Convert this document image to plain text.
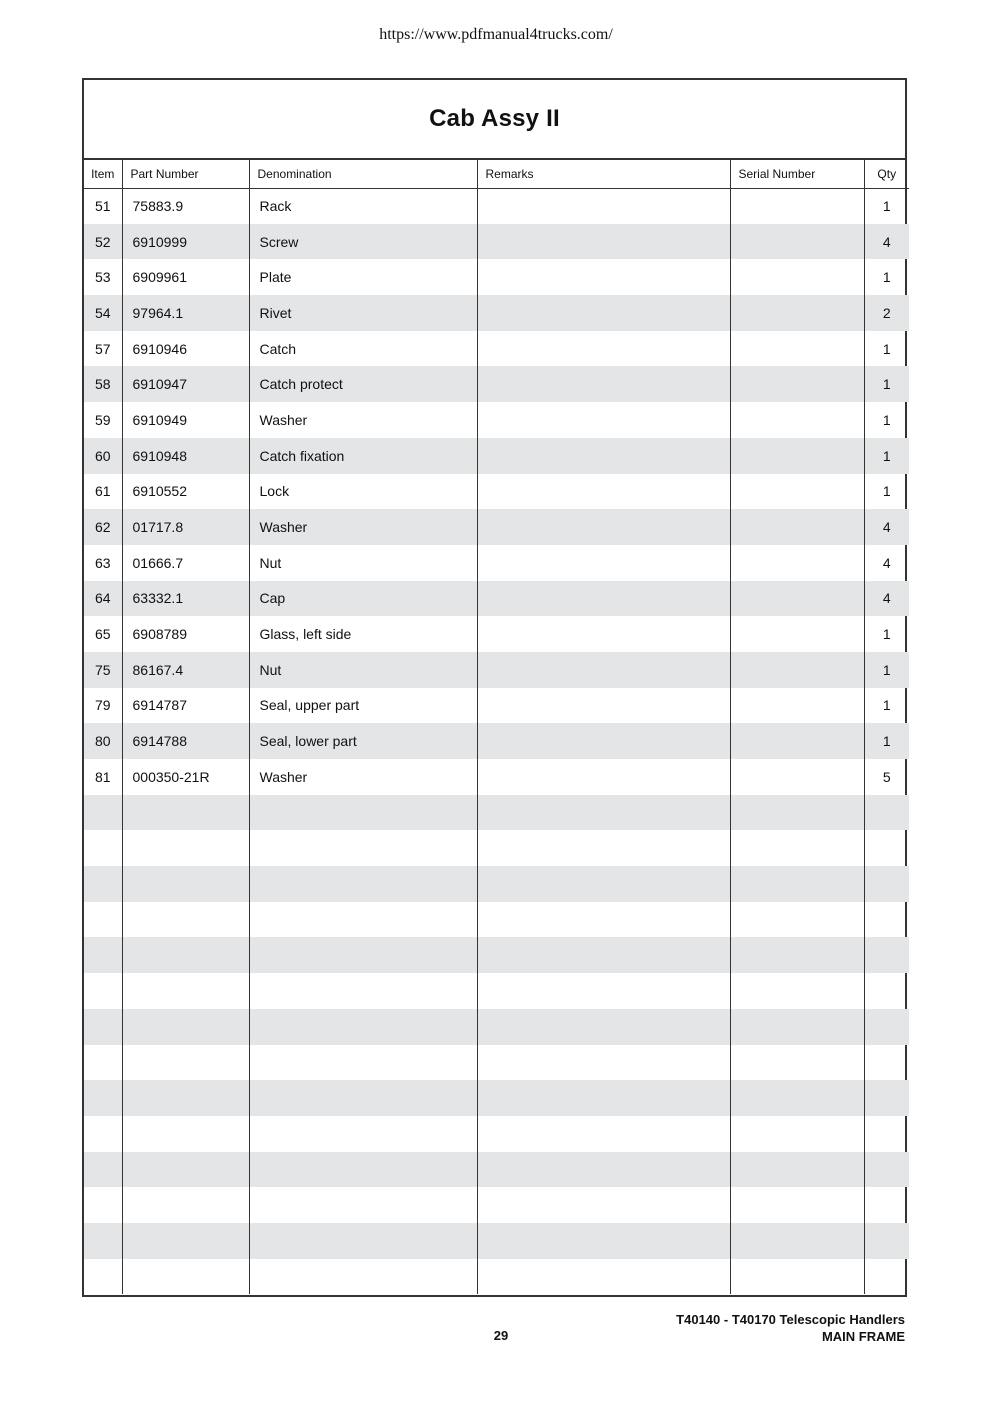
https://www.pdfmanual4trucks.com/
Cab Assy II
Item	Part Number	Denomination	Remarks	Serial Number	Qty
51	75883.9	Rack			1
52	6910999	Screw			4
53	6909961	Plate			1
54	97964.1	Rivet			2
57	6910946	Catch			1
58	6910947	Catch protect			1
59	6910949	Washer			1
60	6910948	Catch fixation			1
61	6910552	Lock			1
62	01717.8	Washer			4
63	01666.7	Nut			4
64	63332.1	Cap			4
65	6908789	Glass, left side			1
75	86167.4	Nut			1
79	6914787	Seal, upper part			1
80	6914788	Seal, lower part			1
81	000350-21R	Washer			5

T40140 - T40170 Telescopic Handlers
MAIN FRAME
29
